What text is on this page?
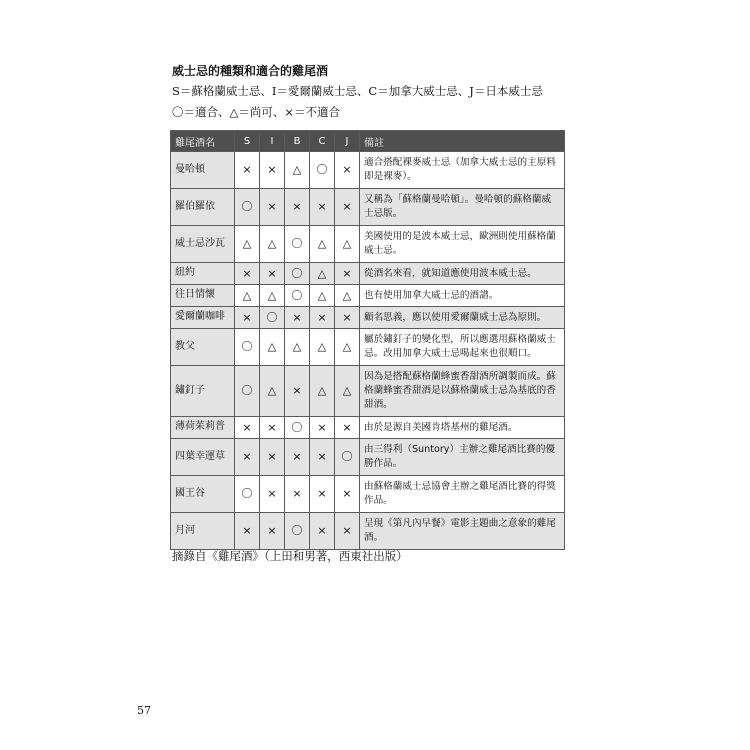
威士忌的種類和適合的雞尾酒
S＝蘇格蘭威士忌、I＝愛爾蘭威士忌、C＝加拿大威士忌、J＝日本威士忌
〇＝適合、△＝尚可、×＝不適合
雞尾酒名	S	I	B	C	J	備註
曼哈頓	×	×	△	〇	×	適合搭配裸麥威士忌（加拿大威士忌的主原料即是裸麥）。
羅伯羅依	〇	×	×	×	×	又稱為「蘇格蘭曼哈頓」。曼哈頓的蘇格蘭威士忌版。
威士忌沙瓦	△	△	〇	△	△	美國使用的是波本威士忌，歐洲則使用蘇格蘭威士忌。
紐約	×	×	〇	△	×	從酒名來看，就知道應使用波本威士忌。
往日情懷	△	△	〇	△	△	也有使用加拿大威士忌的酒譜。
愛爾蘭咖啡	×	〇	×	×	×	顧名思義，應以使用愛爾蘭威士忌為原則。
教父	〇	△	△	△	△	屬於鏽釘子的變化型，所以應選用蘇格蘭威士忌。改用加拿大威士忌喝起來也很順口。
鏽釘子	〇	△	×	△	△	因為是搭配蘇格蘭蜂蜜香甜酒所調製而成。蘇格蘭蜂蜜香甜酒是以蘇格蘭威士忌為基底的香甜酒。
薄荷茱莉普	×	×	〇	×	×	由於是源自美國肯塔基州的雞尾酒。
四葉幸運草	×	×	×	×	〇	由三得利（Suntory）主辦之雞尾酒比賽的優勝作品。
國王谷	〇	×	×	×	×	由蘇格蘭威士忌協會主辦之雞尾酒比賽的得獎作品。
月河	×	×	〇	×	×	呈現《第凡內早餐》電影主題曲之意象的雞尾酒。
摘錄自《雞尾酒》（上田和男著，西東社出版）
57
